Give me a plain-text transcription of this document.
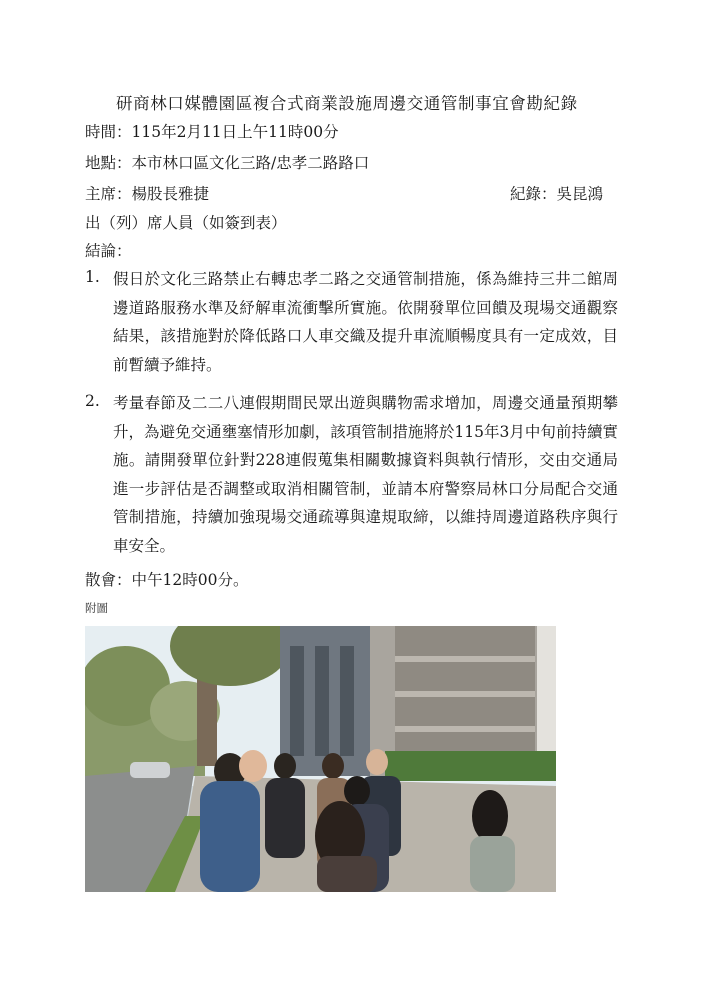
研商林口媒體園區複合式商業設施周邊交通管制事宜會勘紀錄
時間：115年2月11日上午11時00分
地點：本市林口區文化三路/忠孝二路路口
主席：楊股長雅捷	紀錄：吳昆鴻
出（列）席人員（如簽到表）
結論：
1. 假日於文化三路禁止右轉忠孝二路之交通管制措施，係為維持三井二館周邊道路服務水準及紓解車流衝擊所實施。依開發單位回饋及現場交通觀察結果，該措施對於降低路口人車交織及提升車流順暢度具有一定成效，目前暫續予維持。

2. 考量春節及二二八連假期間民眾出遊與購物需求增加，周邊交通量預期攀升，為避免交通壅塞情形加劇，該項管制措施將於115年3月中旬前持續實施。請開發單位針對228連假蒐集相關數據資料與執行情形，交由交通局進一步評估是否調整或取消相關管制，並請本府警察局林口分局配合交通管制措施，持續加強現場交通疏導與違規取締，以維持周邊道路秩序與行車安全。

散會：中午12時00分。
附圖
